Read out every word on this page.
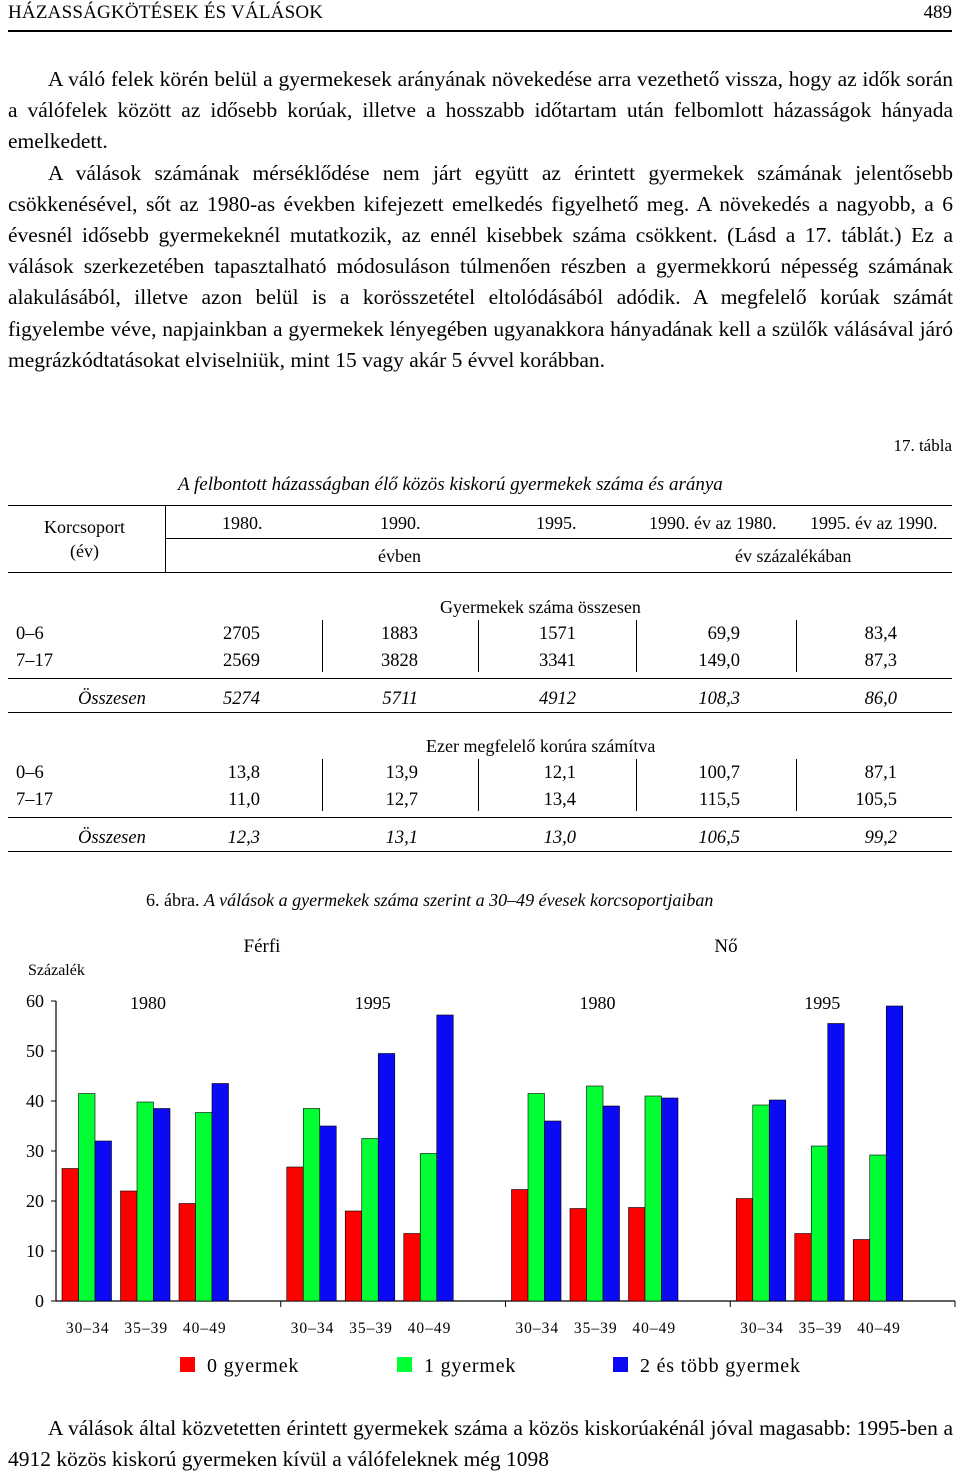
HÁZASSÁGKÖTÉSEK ÉS VÁLÁSOK	489

A váló felek körén belül a gyermekesek arányának növekedése arra vezethető vissza, hogy az idők során a válófelek között az idősebb korúak, illetve a hosszabb időtartam után felbomlott házasságok hányada emelkedett.

A válások számának mérséklődése nem járt együtt az érintett gyermekek számának jelentősebb csökkenésével, sőt az 1980-as években kifejezett emelkedés figyelhető meg. A növekedés a nagyobb, a 6 évesnél idősebb gyermekeknél mutatkozik, az ennél kisebbek száma csökkent. (Lásd a 17. táblát.) Ez a válások szerkezetében tapasztalható módosuláson túlmenően részben a gyermekkorú népesség számának alakulásából, illetve azon belül is a korösszetétel eltolódásából adódik. A megfelelő korúak számát figyelembe véve, napjainkban a gyermekek lényegében ugyanakkora hányadának kell a szülők válásával járó megrázkódtatásokat elviselniük, mint 15 vagy akár 5 évvel korábban.

17. tábla
A felbontott házasságban élő közös kiskorú gyermekek száma és aránya
Korcsoport
(év)
1980.	1990.	1995.	1990. év az 1980. 1995. év az 1990.
évben	év százalékában
Gyermekek száma összesen
0–6	2705	1883	1571	69,9	83,4
7–17	2569	3828	3341	149,0	87,3
Összesen	5274	5711	4912	108,3	86,0
Ezer megfelelő korúra számítva
0–6	13,8	13,9	12,1	100,7	87,1
7–17	11,0	12,7	13,4	115,5	105,5
Összesen	12,3	13,1	13,0	106,5	99,2
6. ábra. A válások a gyermekek száma szerint a 30–49 évesek korcsoportjaiban
Százalék
0
10
20
30
40
50
60	1980
30–34 35–39 40–49
1995
30–34 35–39 40–49
1980
30–34 35–39 40–49
1995
30–34 35–39 40–49
Férfi	Nő
0 gyermek	1 gyermek	2 és több gyermek

A válások által közvetetten érintett gyermekek száma a közös kiskorúakénál jóval magasabb: 1995-ben a 4912 közös kiskorú gyermeken kívül a válófeleknek még 1098
